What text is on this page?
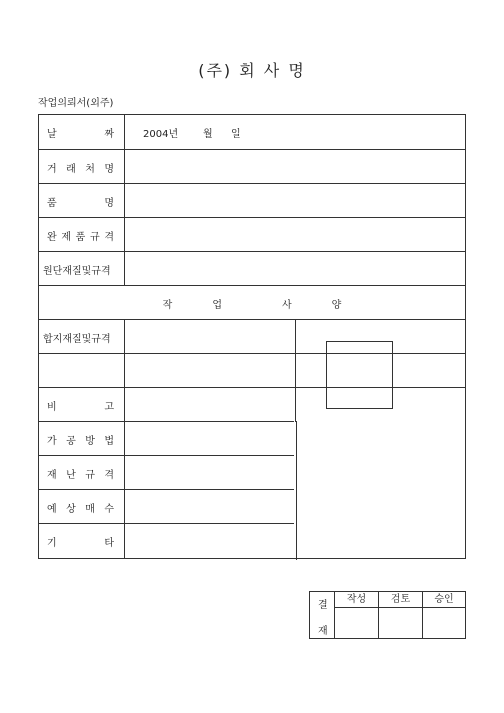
(주) 회 사 명
작업의뢰서(외주)
날	짜	2004년	월	일
거 래 처 명
품	명
완 제 품 규 격
원단재질및규격
작	업	사	양
합지재질및규격
비	고
가 공 방 법
재 난 규 격
예 상 매 수
기	타
결
재
작성	검토	승인
